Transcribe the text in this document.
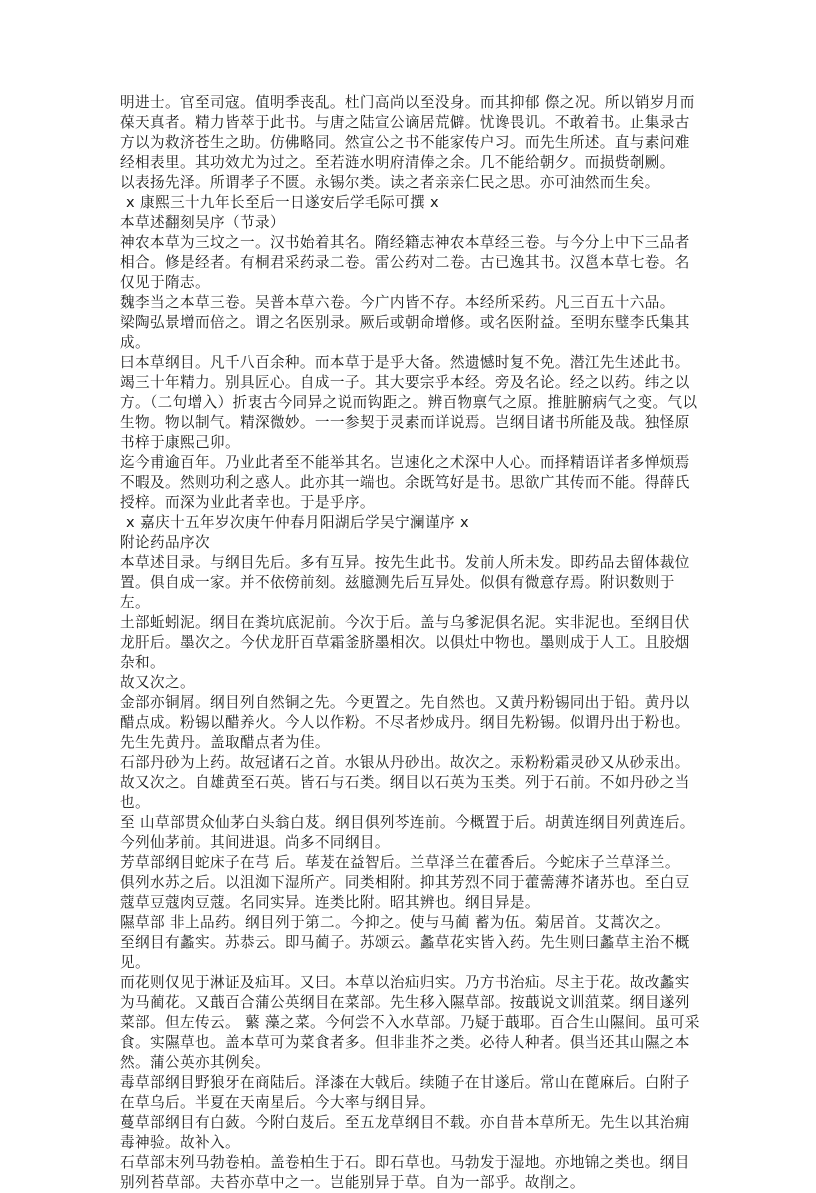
明进士。官至司寇。值明季丧乱。杜门高尚以至没身。而其抑郁 傺之况。所以销岁月而葆天真者。精力皆萃于此书。与唐之陆宣公谪居荒僻。忧谗畏讥。不敢着书。止集录古方以为救济苍生之助。仿佛略同。然宣公之书不能家传户习。而先生所述。直与素问难经相表里。其功效尤为过之。至若涟水明府清俸之余。几不能给朝夕。而损赀剞劂。

以表扬先泽。所谓孝子不匮。永锡尔类。读之者亲亲仁民之思。亦可油然而生矣。

x 康熙三十九年长至后一日遂安后学毛际可撰 x

本草述翻刻吴序（节录）

神农本草为三坟之一。汉书始着其名。隋经籍志神农本草经三卷。与今分上中下三品者相合。修是经者。有桐君采药录二卷。雷公药对二卷。古已逸其书。汉邕本草七卷。名仅见于隋志。

魏李当之本草三卷。吴普本草六卷。今广内皆不存。本经所采药。凡三百五十六品。

梁陶弘景增而倍之。谓之名医别录。厥后或朝命增修。或名医附益。至明东璧李氏集其成。

曰本草纲目。凡千八百余种。而本草于是乎大备。然遗憾时复不免。潜江先生述此书。竭三十年精力。别具匠心。自成一子。其大要宗乎本经。旁及名论。经之以药。纬之以方。（二句增入）折衷古今同异之说而钩距之。辨百物禀气之原。推脏腑病气之变。气以生物。物以制气。精深微妙。一一参契于灵素而详说焉。岂纲目诸书所能及哉。独怪原书梓于康熙己卯。

迄今甫逾百年。乃业此者至不能举其名。岂速化之术深中人心。而择精语详者多惮烦焉不暇及。然则功利之惑人。此亦其一端也。余既笃好是书。思欲广其传而不能。得薛氏授梓。而深为业此者幸也。于是乎序。

x 嘉庆十五年岁次庚午仲春月阳湖后学吴宁澜谨序 x

附论药品序次

本草述目录。与纲目先后。多有互异。按先生此书。发前人所未发。即药品去留体裁位置。俱自成一家。并不依傍前刻。兹臆测先后互异处。似俱有微意存焉。附识数则于左。

土部蚯蚓泥。纲目在粪坑底泥前。今次于后。盖与乌爹泥俱名泥。实非泥也。至纲目伏龙肝后。墨次之。今伏龙肝百草霜釜脐墨相次。以俱灶中物也。墨则成于人工。且胶烟杂和。

故又次之。

金部亦铜屑。纲目列自然铜之先。今更置之。先自然也。又黄丹粉锡同出于铅。黄丹以醋点成。粉锡以醋养火。今人以作粉。不尽者炒成丹。纲目先粉锡。似谓丹出于粉也。先生先黄丹。盖取醋点者为佳。

石部丹砂为上药。故冠诸石之首。水银从丹砂出。故次之。汞粉粉霜灵砂又从砂汞出。

故又次之。自雄黄至石英。皆石与石类。纲目以石英为玉类。列于石前。不如丹砂之当也。

至 山草部贯众仙茅白头翁白芨。纲目俱列芩连前。今概置于后。胡黄连纲目列黄连后。今列仙茅前。其间进退。尚多不同纲目。

芳草部纲目蛇床子在芎 后。荜茇在益智后。兰草泽兰在藿香后。今蛇床子兰草泽兰。

俱列水苏之后。以沮洳下湿所产。同类相附。抑其芳烈不同于藿薷薄芥诸苏也。至白豆蔻草豆蔻肉豆蔻。名同实异。连类比附。昭其辨也。纲目异是。

隰草部 非上品药。纲目列于第二。今抑之。使与马蔺 蓄为伍。菊居首。艾蒿次之。

至纲目有蠡实。苏恭云。即马蔺子。苏颂云。蠡草花实皆入药。先生则曰蠡草主治不概见。

而花则仅见于淋证及疝耳。又曰。本草以治疝归实。乃方书治疝。尽主于花。故改蠡实为马蔺花。又蕺百合蒲公英纲目在菜部。先生移入隰草部。按蕺说文训菹菜。纲目遂列菜部。但左传云。 蘩 藻之菜。今何尝不入水草部。乃疑于蕺耶。百合生山隰间。虽可采食。实隰草也。盖本草可为菜食者多。但非韭芥之类。必待人种者。俱当还其山隰之本然。蒲公英亦其例矣。

毒草部纲目野狼牙在商陆后。泽漆在大戟后。续随子在甘遂后。常山在蓖麻后。白附子在草乌后。半夏在天南星后。今大率与纲目异。

蔓草部纲目有白蔹。今附白芨后。至五龙草纲目不载。亦自昔本草所无。先生以其治痈毒神验。故补入。

石草部末列马勃卷柏。盖卷柏生于石。即石草也。马勃发于湿地。亦地锦之类也。纲目别列苔草部。夫苔亦草中之一。岂能别异于草。自为一部乎。故削之。
